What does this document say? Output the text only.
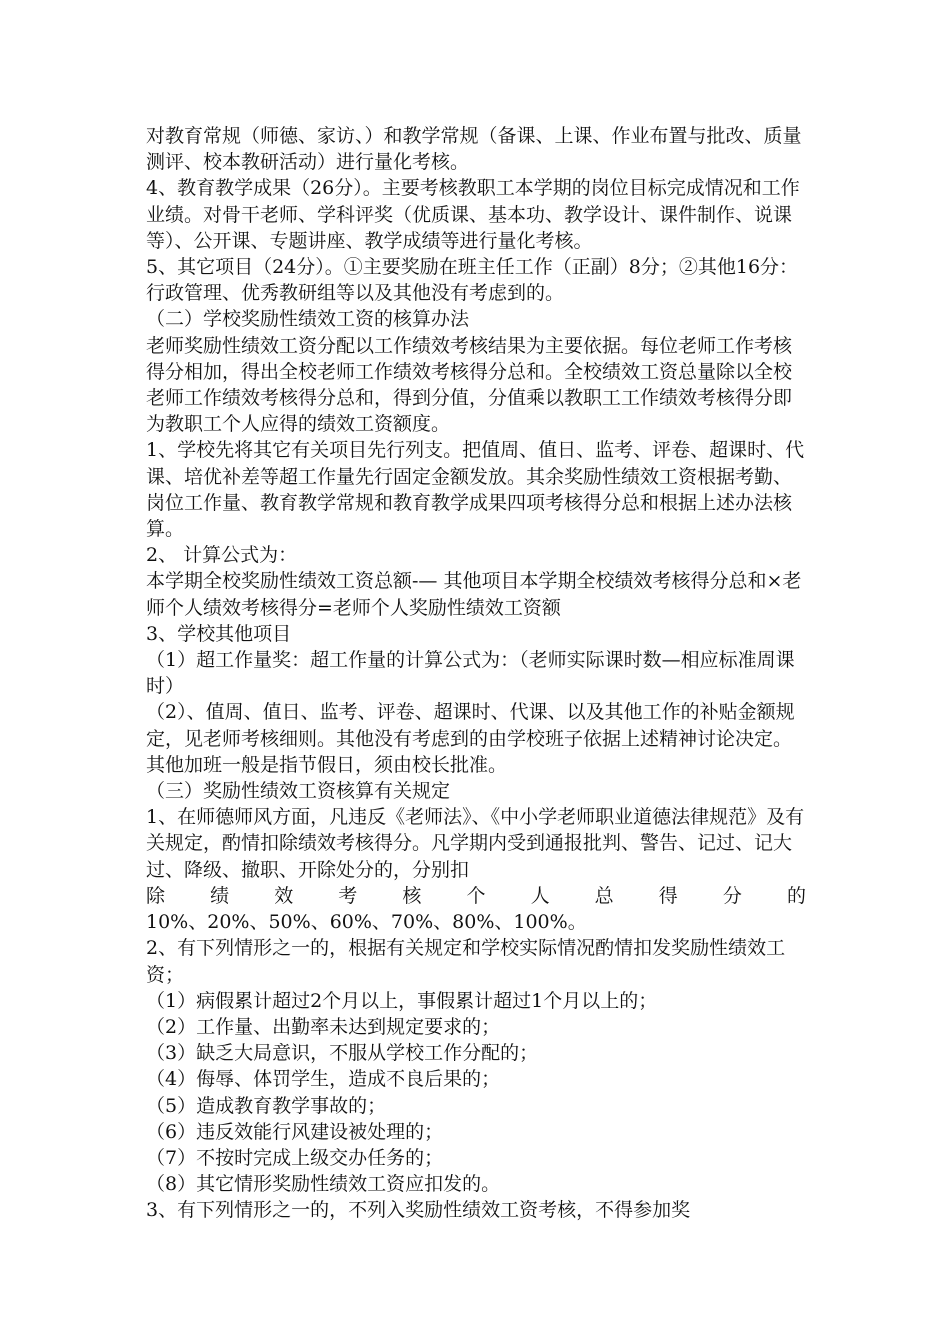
对教育常规（师德、家访、）和教学常规（备课、上课、作业布置与批改、质量测评、校本教研活动）进行量化考核。

4、教育教学成果（26分）。主要考核教职工本学期的岗位目标完成情况和工作业绩。对骨干老师、学科评奖（优质课、基本功、教学设计、课件制作、说课等）、公开课、专题讲座、教学成绩等进行量化考核。

5、其它项目（24分）。①主要奖励在班主任工作（正副）8分；②其他16分：行政管理、优秀教研组等以及其他没有考虑到的。

（二）学校奖励性绩效工资的核算办法

老师奖励性绩效工资分配以工作绩效考核结果为主要依据。每位老师工作考核得分相加，得出全校老师工作绩效考核得分总和。全校绩效工资总量除以全校老师工作绩效考核得分总和，得到分值，分值乘以教职工工作绩效考核得分即为教职工个人应得的绩效工资额度。

1、学校先将其它有关项目先行列支。把值周、值日、监考、评卷、超课时、代课、培优补差等超工作量先行固定金额发放。其余奖励性绩效工资根据考勤、岗位工作量、教育教学常规和教育教学成果四项考核得分总和根据上述办法核算。

2、 计算公式为：

本学期全校奖励性绩效工资总额-— 其他项目本学期全校绩效考核得分总和×老师个人绩效考核得分=老师个人奖励性绩效工资额

3、学校其他项目

（1）超工作量奖：超工作量的计算公式为：（老师实际课时数—相应标准周课时）

（2）、值周、值日、监考、评卷、超课时、代课、以及其他工作的补贴金额规定，见老师考核细则。其他没有考虑到的由学校班子依据上述精神讨论决定。其他加班一般是指节假日，须由校长批准。

（三）奖励性绩效工资核算有关规定

1、在师德师风方面，凡违反《老师法》、《中小学老师职业道德法律规范》及有关规定，酌情扣除绩效考核得分。凡学期内受到通报批判、警告、记过、记大过、降级、撤职、开除处分的，分别扣

除 绩 效 考 核 个 人 总 得 分 的

10%、20%、50%、60%、70%、80%、100%。

2、有下列情形之一的，根据有关规定和学校实际情况酌情扣发奖励性绩效工资；

（1）病假累计超过2个月以上，事假累计超过1个月以上的；

（2）工作量、出勤率未达到规定要求的；

（3）缺乏大局意识，不服从学校工作分配的；

（4）侮辱、体罚学生，造成不良后果的；

（5）造成教育教学事故的；

（6）违反效能行风建设被处理的；

（7）不按时完成上级交办任务的；

（8）其它情形奖励性绩效工资应扣发的。

3、有下列情形之一的，不列入奖励性绩效工资考核，不得参加奖
